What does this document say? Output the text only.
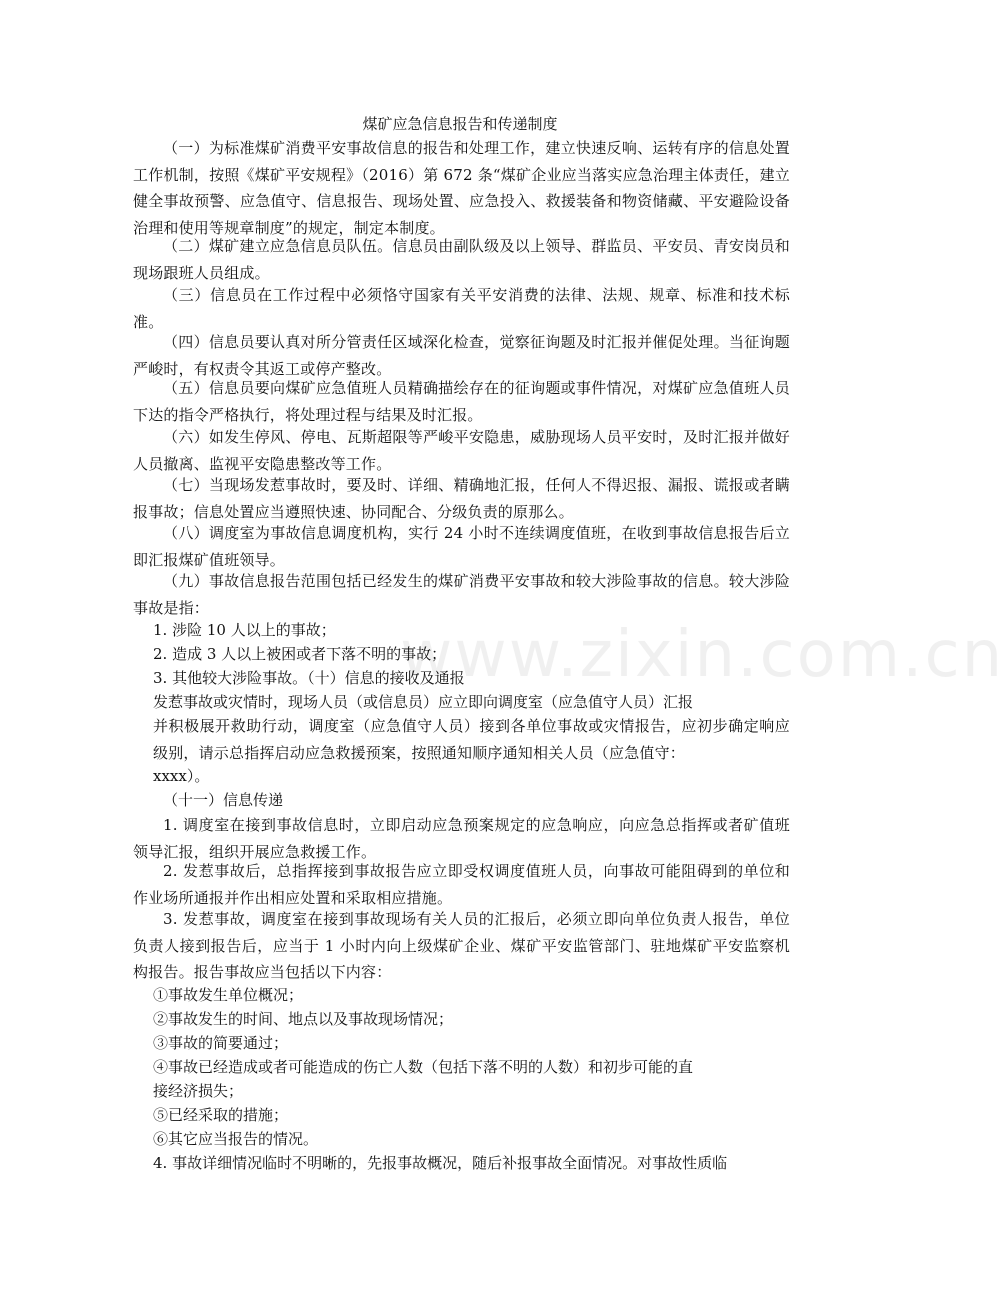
煤矿应急信息报告和传递制度

（一）为标准煤矿消费平安事故信息的报告和处理工作，建立快速反响、运转有序的信息处置工作机制，按照《煤矿平安规程》（2016）第 672 条“煤矿企业应当落实应急治理主体责任，建立健全事故预警、应急值守、信息报告、现场处置、应急投入、救援装备和物资储藏、平安避险设备治理和使用等规章制度”的规定，制定本制度。

（二）煤矿建立应急信息员队伍。信息员由副队级及以上领导、群监员、平安员、青安岗员和现场跟班人员组成。

（三）信息员在工作过程中必须恪守国家有关平安消费的法律、法规、规章、标准和技术标准。

（四）信息员要认真对所分管责任区域深化检查，觉察征询题及时汇报并催促处理。当征询题严峻时，有权责令其返工或停产整改。

（五）信息员要向煤矿应急值班人员精确描绘存在的征询题或事件情况，对煤矿应急值班人员下达的指令严格执行，将处理过程与结果及时汇报。

（六）如发生停风、停电、瓦斯超限等严峻平安隐患，威胁现场人员平安时，及时汇报并做好人员撤离、监视平安隐患整改等工作。

（七）当现场发惹事故时，要及时、详细、精确地汇报，任何人不得迟报、漏报、谎报或者瞒报事故；信息处置应当遵照快速、协同配合、分级负责的原那么。

（八）调度室为事故信息调度机构，实行 24 小时不连续调度值班，在收到事故信息报告后立即汇报煤矿值班领导。

（九）事故信息报告范围包括已经发生的煤矿消费平安事故和较大涉险事故的信息。较大涉险事故是指：

1. 涉险 10 人以上的事故；
2. 造成 3 人以上被困或者下落不明的事故；
3. 其他较大涉险事故。（十）信息的接收及通报
发惹事故或灾情时，现场人员（或信息员）应立即向调度室（应急值守人员）汇报

并积极展开救助行动，调度室（应急值守人员）接到各单位事故或灾情报告，应初步确定响应级别，请示总指挥启动应急救援预案，按照通知顺序通知相关人员（应急值守：

xxxx）。
（十一）信息传递

1. 调度室在接到事故信息时，立即启动应急预案规定的应急响应，向应急总指挥或者矿值班领导汇报，组织开展应急救援工作。

2. 发惹事故后，总指挥接到事故报告应立即受权调度值班人员，向事故可能阻碍到的单位和作业场所通报并作出相应处置和采取相应措施。

3. 发惹事故，调度室在接到事故现场有关人员的汇报后，必须立即向单位负责人报告，单位负责人接到报告后，应当于 1 小时内向上级煤矿企业、煤矿平安监管部门、驻地煤矿平安监察机构报告。报告事故应当包括以下内容：

①事故发生单位概况；
②事故发生的时间、地点以及事故现场情况；
③事故的简要通过；
④事故已经造成或者可能造成的伤亡人数（包括下落不明的人数）和初步可能的直
接经济损失；
⑤已经采取的措施；
⑥其它应当报告的情况。
4. 事故详细情况临时不明晰的，先报事故概况，随后补报事故全面情况。对事故性质临
www.zixin.com.cn
